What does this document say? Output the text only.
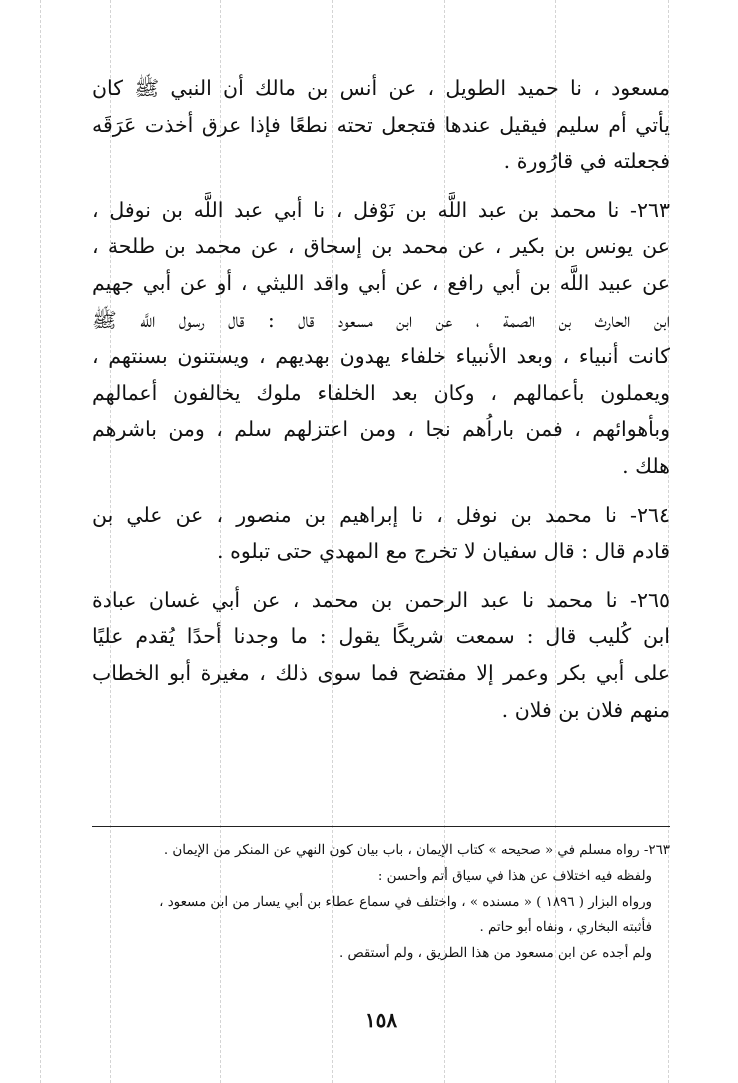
مسعود ، نا حميد الطويل ، عن أنس بن مالك أن النبي ﷺ كان
يأتي أم سليم فيقيل عندها فتجعل تحته نطعًا فإذا عرق أخذت عَرَقَه
فجعلته في قارُورة .
٢٦٣- نا محمد بن عبد اللَّه بن نَوْفل ، نا أبي عبد اللَّه بن نوفل ،
عن يونس بن بكير ، عن محمد بن إسحاق ، عن محمد بن طلحة ،
عن عبيد اللَّه بن أبي رافع ، عن أبي واقد الليثي ، أو عن أبي جهيم
ابن الحارث بن الصمة ، عن ابن مسعود قال : قال رسول اللَّه ﷺ
كانت أنبياء ، وبعد الأنبياء خلفاء يهدون بهديهم ، ويستنون بسنتهم ،
ويعملون بأعمالهم ، وكان بعد الخلفاء ملوك يخالفون أعمالهم
وبأهوائهم ، فمن باراُهم نجا ، ومن اعتزلهم سلم ، ومن باشرهم
هلك .
٢٦٤- نا محمد بن نوفل ، نا إبراهيم بن منصور ، عن علي بن
قادم قال : قال سفيان لا تخرج مع المهدي حتى تبلوه .
٢٦٥- نا محمد نا عبد الرحمن بن محمد ، عن أبي غسان عبادة
ابن كُليب قال : سمعت شريكًا يقول : ما وجدنا أحدًا يُقدم عليًا
على أبي بكر وعمر إلا مفتضح فما سوى ذلك ، مغيرة أبو الخطاب
منهم فلان بن فلان .
٢٦٣- رواه مسلم في « صحيحه » كتاب الإيمان ، باب بيان كون النهي عن المنكر من الإيمان .
ولفظه فيه اختلاف عن هذا في سياق أتم وأحسن :
ورواه البزار ( ١٨٩٦ ) « مسنده » ، واختلف في سماع عطاء بن أبي يسار من ابن مسعود ،
فأثبته البخاري ، ونفاه أبو حاتم .
ولم أجده عن ابن مسعود من هذا الطريق ، ولم أستقص .
١٥٨
